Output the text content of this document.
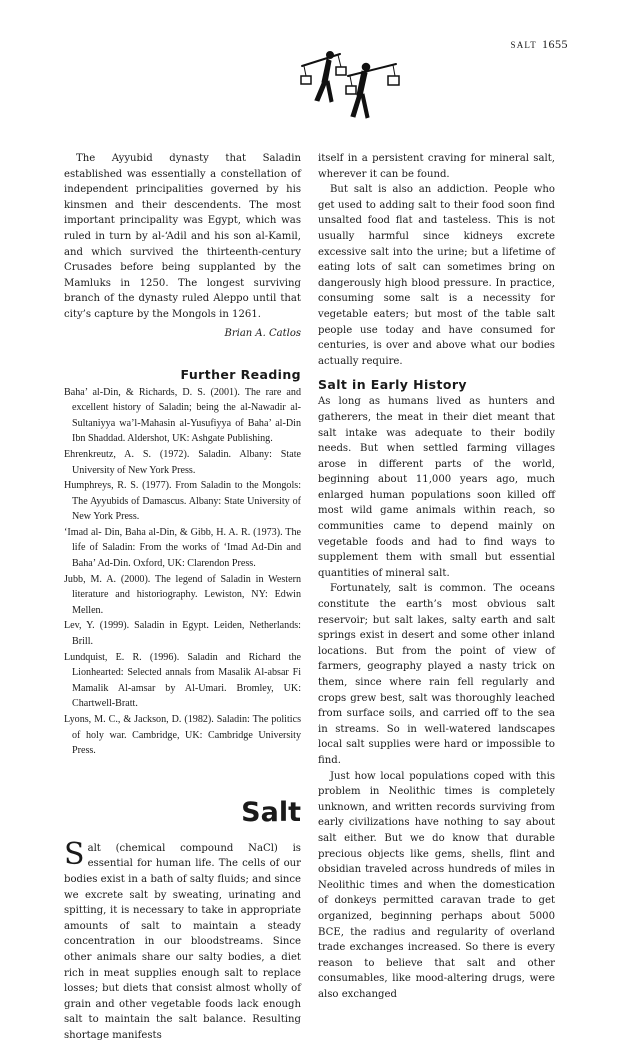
SALT 1655

The Ayyubid dynasty that Saladin established was essentially a constellation of independent principalities governed by his kinsmen and their descendents. The most important principality was Egypt, which was ruled in turn by al-‘Adil and his son al-Kamil, and which survived the thirteenth-century Crusades before being supplanted by the Mamluks in 1250. The longest surviving branch of the dynasty ruled Aleppo until that city’s capture by the Mongols in 1261.

Brian A. Catlos
Further Reading

Baha’ al-Din, & Richards, D. S. (2001). The rare and excellent history of Saladin; being the al-Nawadir al-Sultaniyya wa’l-Mahasin al-Yusufiyya of Baha’ al-Din Ibn Shaddad. Aldershot, UK: Ashgate Publishing.

Ehrenkreutz, A. S. (1972). Saladin. Albany: State University of New York Press.

Humphreys, R. S. (1977). From Saladin to the Mongols: The Ayyubids of Damascus. Albany: State University of New York Press.

‘Imad al- Din, Baha al-Din, & Gibb, H. A. R. (1973). The life of Saladin: From the works of ‘Imad Ad-Din and Baha’ Ad-Din. Oxford, UK: Clarendon Press.

Jubb, M. A. (2000). The legend of Saladin in Western literature and historiography. Lewiston, NY: Edwin Mellen.

Lev, Y. (1999). Saladin in Egypt. Leiden, Netherlands: Brill.

Lundquist, E. R. (1996). Saladin and Richard the Lionhearted: Selected annals from Masalik Al-absar Fi Mamalik Al-amsar by Al-Umari. Bromley, UK: Chartwell-Bratt.

Lyons, M. C., & Jackson, D. (1982). Saladin: The politics of holy war. Cambridge, UK: Cambridge University Press.

Salt

Salt (chemical compound NaCl) is essential for human life. The cells of our bodies exist in a bath of salty fluids; and since we excrete salt by sweating, urinating and spitting, it is necessary to take in appropriate amounts of salt to maintain a steady concentration in our bloodstreams. Since other animals share our salty bodies, a diet rich in meat supplies enough salt to replace losses; but diets that consist almost wholly of grain and other vegetable foods lack enough salt to maintain the salt balance. Resulting shortage manifests

itself in a persistent craving for mineral salt, wherever it can be found.

But salt is also an addiction. People who get used to adding salt to their food soon find unsalted food flat and tasteless. This is not usually harmful since kidneys excrete excessive salt into the urine; but a lifetime of eating lots of salt can sometimes bring on dangerously high blood pressure. In practice, consuming some salt is a necessity for vegetable eaters; but most of the table salt people use today and have consumed for centuries, is over and above what our bodies actually require.

Salt in Early History

As long as humans lived as hunters and gatherers, the meat in their diet meant that salt intake was adequate to their bodily needs. But when settled farming villages arose in different parts of the world, beginning about 11,000 years ago, much enlarged human populations soon killed off most wild game animals within reach, so communities came to depend mainly on vegetable foods and had to find ways to supplement them with small but essential quantities of mineral salt.

Fortunately, salt is common. The oceans constitute the earth’s most obvious salt reservoir; but salt lakes, salty earth and salt springs exist in desert and some other inland locations. But from the point of view of farmers, geography played a nasty trick on them, since where rain fell regularly and crops grew best, salt was thoroughly leached from surface soils, and carried off to the sea in streams. So in well-watered landscapes local salt supplies were hard or impossible to find.

Just how local populations coped with this problem in Neolithic times is completely unknown, and written records surviving from early civilizations have nothing to say about salt either. But we do know that durable precious objects like gems, shells, flint and obsidian traveled across hundreds of miles in Neolithic times and when the domestication of donkeys permitted caravan trade to get organized, beginning perhaps about 5000 BCE, the radius and regularity of overland trade exchanges increased. So there is every reason to believe that salt and other consumables, like mood-altering drugs, were also exchanged
